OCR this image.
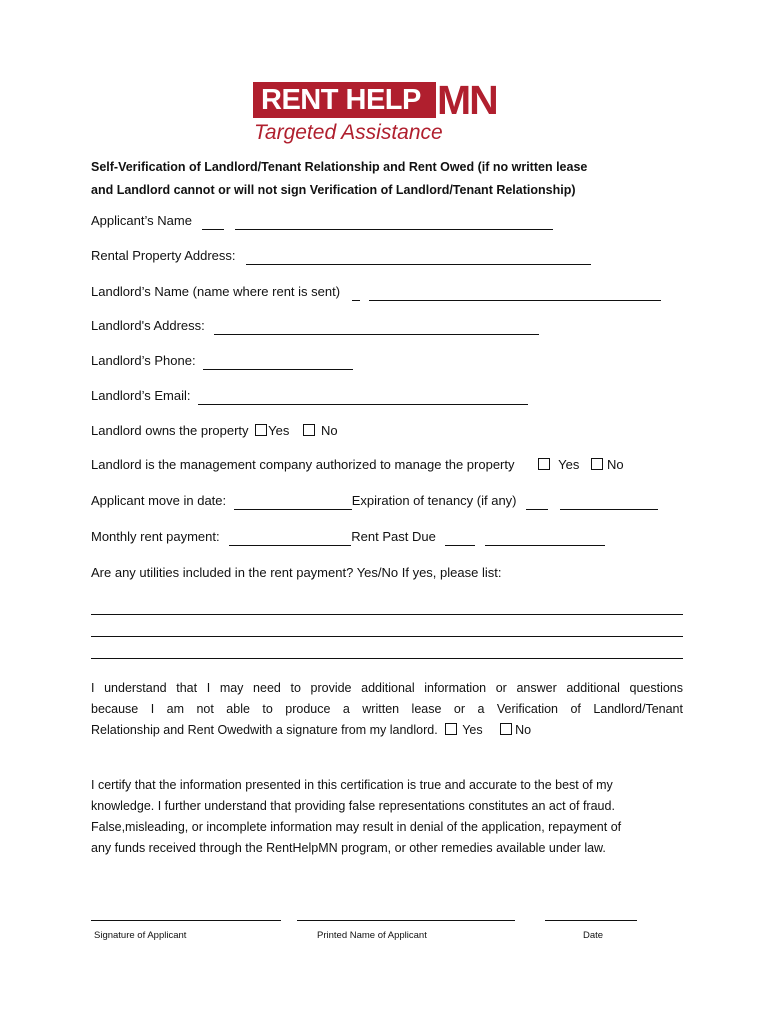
RENT HELP MN
Targeted Assistance
Self-Verification of Landlord/Tenant Relationship and Rent Owed (if no written lease
and Landlord cannot or will not sign Verification of Landlord/Tenant Relationship)
Applicant’s Name
Rental Property Address:
Landlord’s Name (name where rent is sent)
Landlord's Address:
Landlord’s Phone:
Landlord’s Email:
Landlord owns the property Yes No
Landlord is the management company authorized to manage the property	Yes No
Applicant move in date:	Expiration of tenancy (if any)
Monthly rent payment:	Rent Past Due
Are any utilities included in the rent payment? Yes/No If yes, please list:
I understand that I may need to provide additional information or answer additional questions
because I am not able to produce a written lease or a Verification of Landlord/Tenant
Relationship and Rent Owedwith a signature from my landlord. Yes	No
I certify that the information presented in this certification is true and accurate to the best of my
knowledge. I further understand that providing false representations constitutes an act of fraud.
False,misleading, or incomplete information may result in denial of the application, repayment of
any funds received through the RentHelpMN program, or other remedies available under law.
Signature of Applicant	Printed Name of Applicant	Date
